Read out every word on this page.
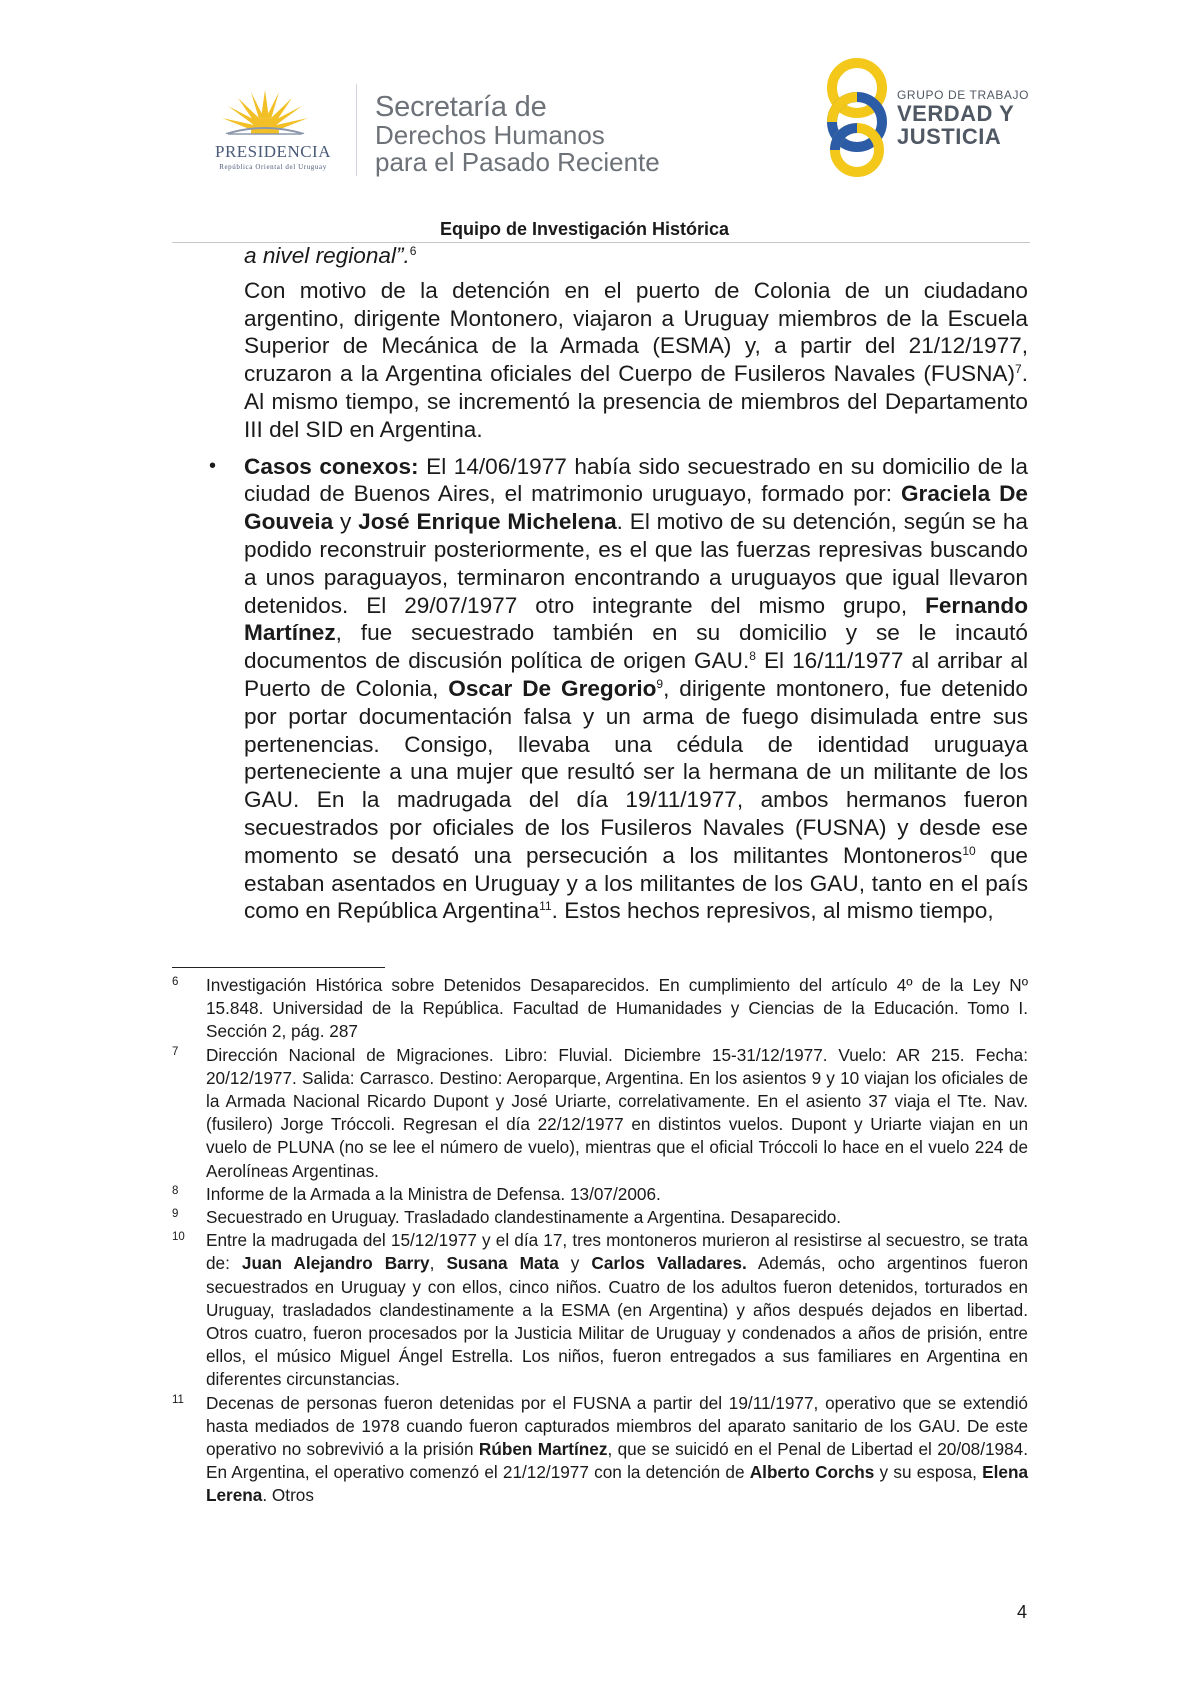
PRESIDENCIA
República Oriental del Uruguay
Secretaría de
Derechos Humanos
para el Pasado Reciente
GRUPO DE TRABAJO
VERDAD Y
JUSTICIA
Equipo de Investigación Histórica

a nivel regional”.$^6$

Con motivo de la detención en el puerto de Colonia de un ciudadano argentino, dirigente Montonero, viajaron a Uruguay miembros de la Escuela Superior de Mecánica de la Armada (ESMA) y, a partir del 21/12/1977, cruzaron a la Argentina oficiales del Cuerpo de Fusileros Navales (FUSNA)$^7$. Al mismo tiempo, se incrementó la presencia de miembros del Departamento III del SID en Argentina.

• Casos conexos: El 14/06/1977 había sido secuestrado en su domicilio de la ciudad de Buenos Aires, el matrimonio uruguayo, formado por: Graciela De Gouveia y José Enrique Michelena. El motivo de su detención, según se ha podido reconstruir posteriormente, es el que las fuerzas represivas buscando a unos paraguayos, terminaron encontrando a uruguayos que igual llevaron detenidos. El 29/07/1977 otro integrante del mismo grupo, Fernando Martínez, fue secuestrado también en su domicilio y se le incautó documentos de discusión política de origen GAU.$^8$ El 16/11/1977 al arribar al Puerto de Colonia, Oscar De Gregorio$^9$, dirigente montonero, fue detenido por portar documentación falsa y un arma de fuego disimulada entre sus pertenencias. Consigo, llevaba una cédula de identidad uruguaya perteneciente a una mujer que resultó ser la hermana de un militante de los GAU. En la madrugada del día 19/11/1977, ambos hermanos fueron secuestrados por oficiales de los Fusileros Navales (FUSNA) y desde ese momento se desató una persecución a los militantes Montoneros$^{10}$ que estaban asentados en Uruguay y a los militantes de los GAU, tanto en el país como en República Argentina$^{11}$. Estos hechos represivos, al mismo tiempo,

6 Investigación Histórica sobre Detenidos Desaparecidos. En cumplimiento del artículo 4º de la Ley Nº 15.848. Universidad de la República. Facultad de Humanidades y Ciencias de la Educación. Tomo I. Sección 2, pág. 287
7 Dirección Nacional de Migraciones. Libro: Fluvial. Diciembre 15-31/12/1977. Vuelo: AR 215. Fecha: 20/12/1977. Salida: Carrasco. Destino: Aeroparque, Argentina. En los asientos 9 y 10 viajan los oficiales de la Armada Nacional Ricardo Dupont y José Uriarte, correlativamente. En el asiento 37 viaja el Tte. Nav. (fusilero) Jorge Tróccoli. Regresan el día 22/12/1977 en distintos vuelos. Dupont y Uriarte viajan en un vuelo de PLUNA (no se lee el número de vuelo), mientras que el oficial Tróccoli lo hace en el vuelo 224 de Aerolíneas Argentinas.
8 Informe de la Armada a la Ministra de Defensa. 13/07/2006.
9 Secuestrado en Uruguay. Trasladado clandestinamente a Argentina. Desaparecido.
10 Entre la madrugada del 15/12/1977 y el día 17, tres montoneros murieron al resistirse al secuestro, se trata de: Juan Alejandro Barry, Susana Mata y Carlos Valladares. Además, ocho argentinos fueron secuestrados en Uruguay y con ellos, cinco niños. Cuatro de los adultos fueron detenidos, torturados en Uruguay, trasladados clandestinamente a la ESMA (en Argentina) y años después dejados en libertad. Otros cuatro, fueron procesados por la Justicia Militar de Uruguay y condenados a años de prisión, entre ellos, el músico Miguel Ángel Estrella. Los niños, fueron entregados a sus familiares en Argentina en diferentes circunstancias.
11 Decenas de personas fueron detenidas por el FUSNA a partir del 19/11/1977, operativo que se extendió hasta mediados de 1978 cuando fueron capturados miembros del aparato sanitario de los GAU. De este operativo no sobrevivió a la prisión Rúben Martínez, que se suicidó en el Penal de Libertad el 20/08/1984. En Argentina, el operativo comenzó el 21/12/1977 con la detención de Alberto Corchs y su esposa, Elena Lerena. Otros
4
